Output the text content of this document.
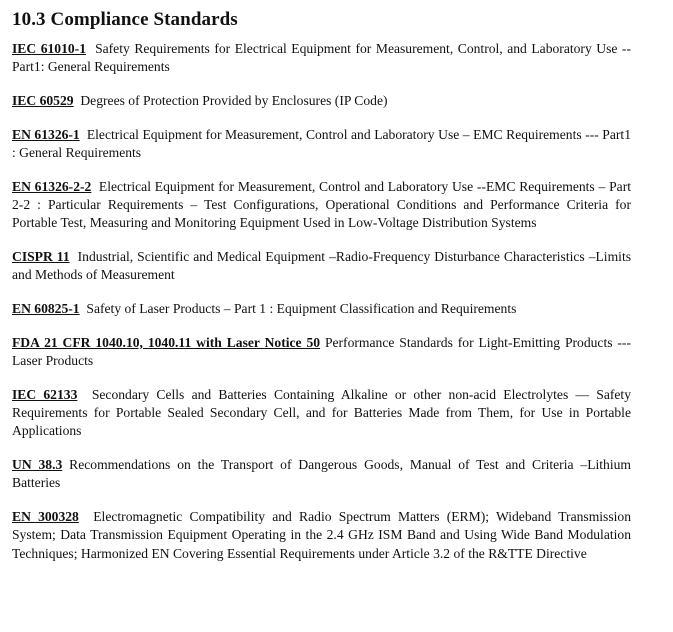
10.3 Compliance Standards
IEC 61010-1 Safety Requirements for Electrical Equipment for Measurement, Control, and Laboratory Use -- Part1: General Requirements
IEC 60529 Degrees of Protection Provided by Enclosures (IP Code)
EN 61326-1 Electrical Equipment for Measurement, Control and Laboratory Use – EMC Requirements --- Part1 : General Requirements
EN 61326-2-2 Electrical Equipment for Measurement, Control and Laboratory Use --EMC Requirements – Part 2-2 : Particular Requirements – Test Configurations, Operational Conditions and Performance Criteria for Portable Test, Measuring and Monitoring Equipment Used in Low-Voltage Distribution Systems
CISPR 11 Industrial, Scientific and Medical Equipment –Radio-Frequency Disturbance Characteristics –Limits and Methods of Measurement
EN 60825-1 Safety of Laser Products – Part 1 : Equipment Classification and Requirements
FDA 21 CFR 1040.10, 1040.11 with Laser Notice 50 Performance Standards for Light-Emitting Products ---Laser Products
IEC 62133 Secondary Cells and Batteries Containing Alkaline or other non-acid Electrolytes — Safety Requirements for Portable Sealed Secondary Cell, and for Batteries Made from Them, for Use in Portable Applications
UN 38.3 Recommendations on the Transport of Dangerous Goods, Manual of Test and Criteria –Lithium Batteries
EN 300328 Electromagnetic Compatibility and Radio Spectrum Matters (ERM); Wideband Transmission System; Data Transmission Equipment Operating in the 2.4 GHz ISM Band and Using Wide Band Modulation Techniques; Harmonized EN Covering Essential Requirements under Article 3.2 of the R&TTE Directive
